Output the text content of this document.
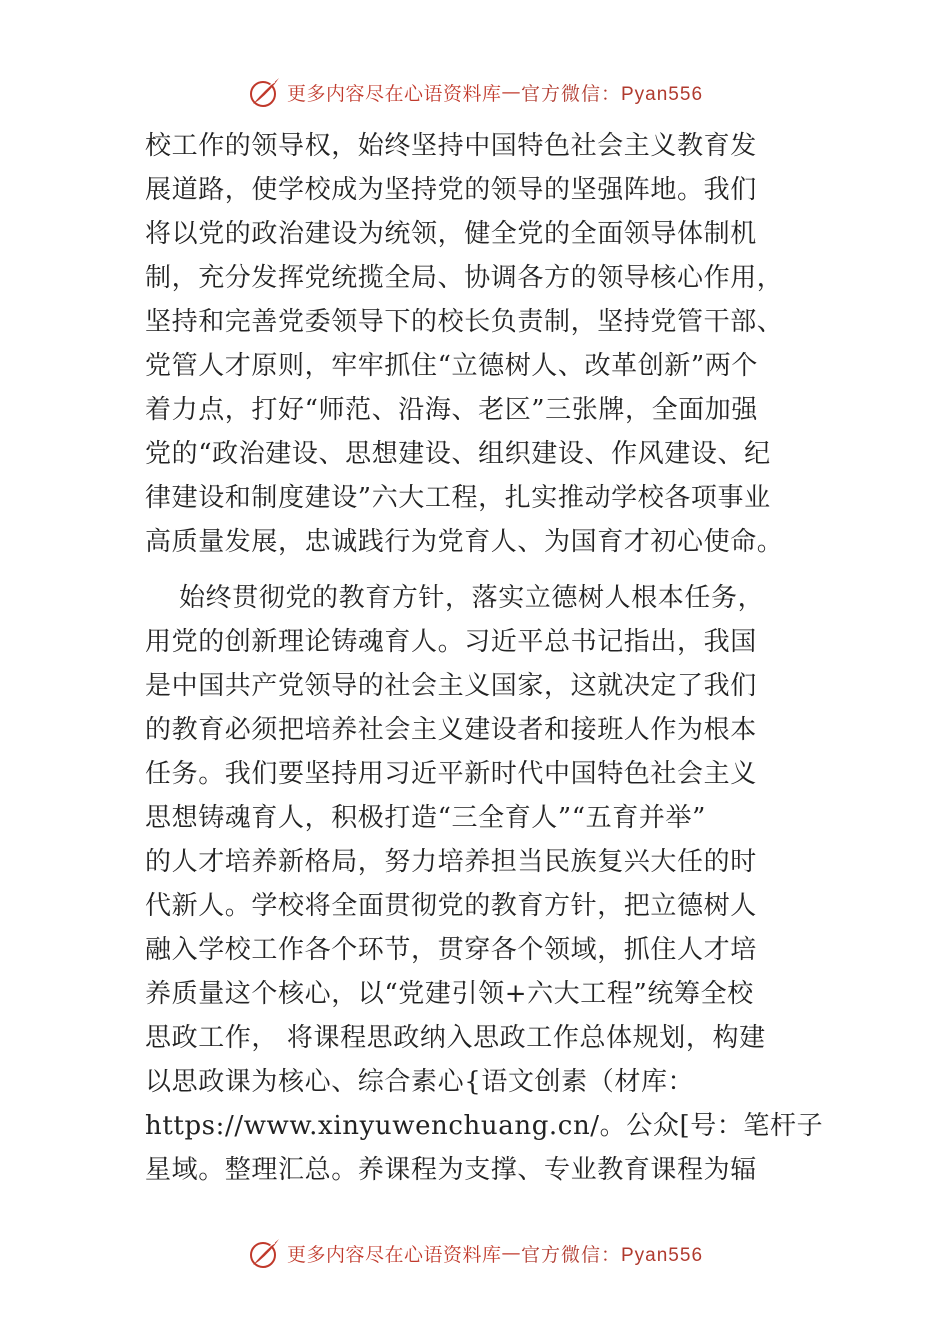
更多内容尽在心语资料库 — 官方微信：Pyan556
校工作的领导权，始终坚持中国特色社会主义教育发
展道路，使学校成为坚持党的领导的坚强阵地。我们
将以党的政治建设为统领，健全党的全面领导体制机
制，充分发挥党统揽全局、协调各方的领导核心作用，
坚持和完善党委领导下的校长负责制，坚持党管干部、
党管人才原则，牢牢抓住“立德树人、改革创新”两个
着力点，打好“师范、沿海、老区”三张牌，全面加强
党的“政治建设、思想建设、组织建设、作风建设、纪
律建设和制度建设”六大工程，扎实推动学校各项事业
高质量发展，忠诚践行为党育人、为国育才初心使命。
始终贯彻党的教育方针，落实立德树人根本任务，
用党的创新理论铸魂育人。习近平总书记指出，我国
是中国共产党领导的社会主义国家，这就决定了我们
的教育必须把培养社会主义建设者和接班人作为根本
任务。我们要坚持用习近平新时代中国特色社会主义
思想铸魂育人，积极打造“三全育人”“五育并举”
的人才培养新格局，努力培养担当民族复兴大任的时
代新人。学校将全面贯彻党的教育方针，把立德树人
融入学校工作各个环节，贯穿各个领域，抓住人才培
养质量这个核心，以“党建引领+六大工程”统筹全校
思政工作， 将课程思政纳入思政工作总体规划，构建
以思政课为核心、综合素心{语文创素（材库：
https://www.xinyuwenchuang.cn/。公众[号：笔杆子
星域。整理汇总。养课程为支撑、专业教育课程为辐
更多内容尽在心语资料库 — 官方微信：Pyan556
